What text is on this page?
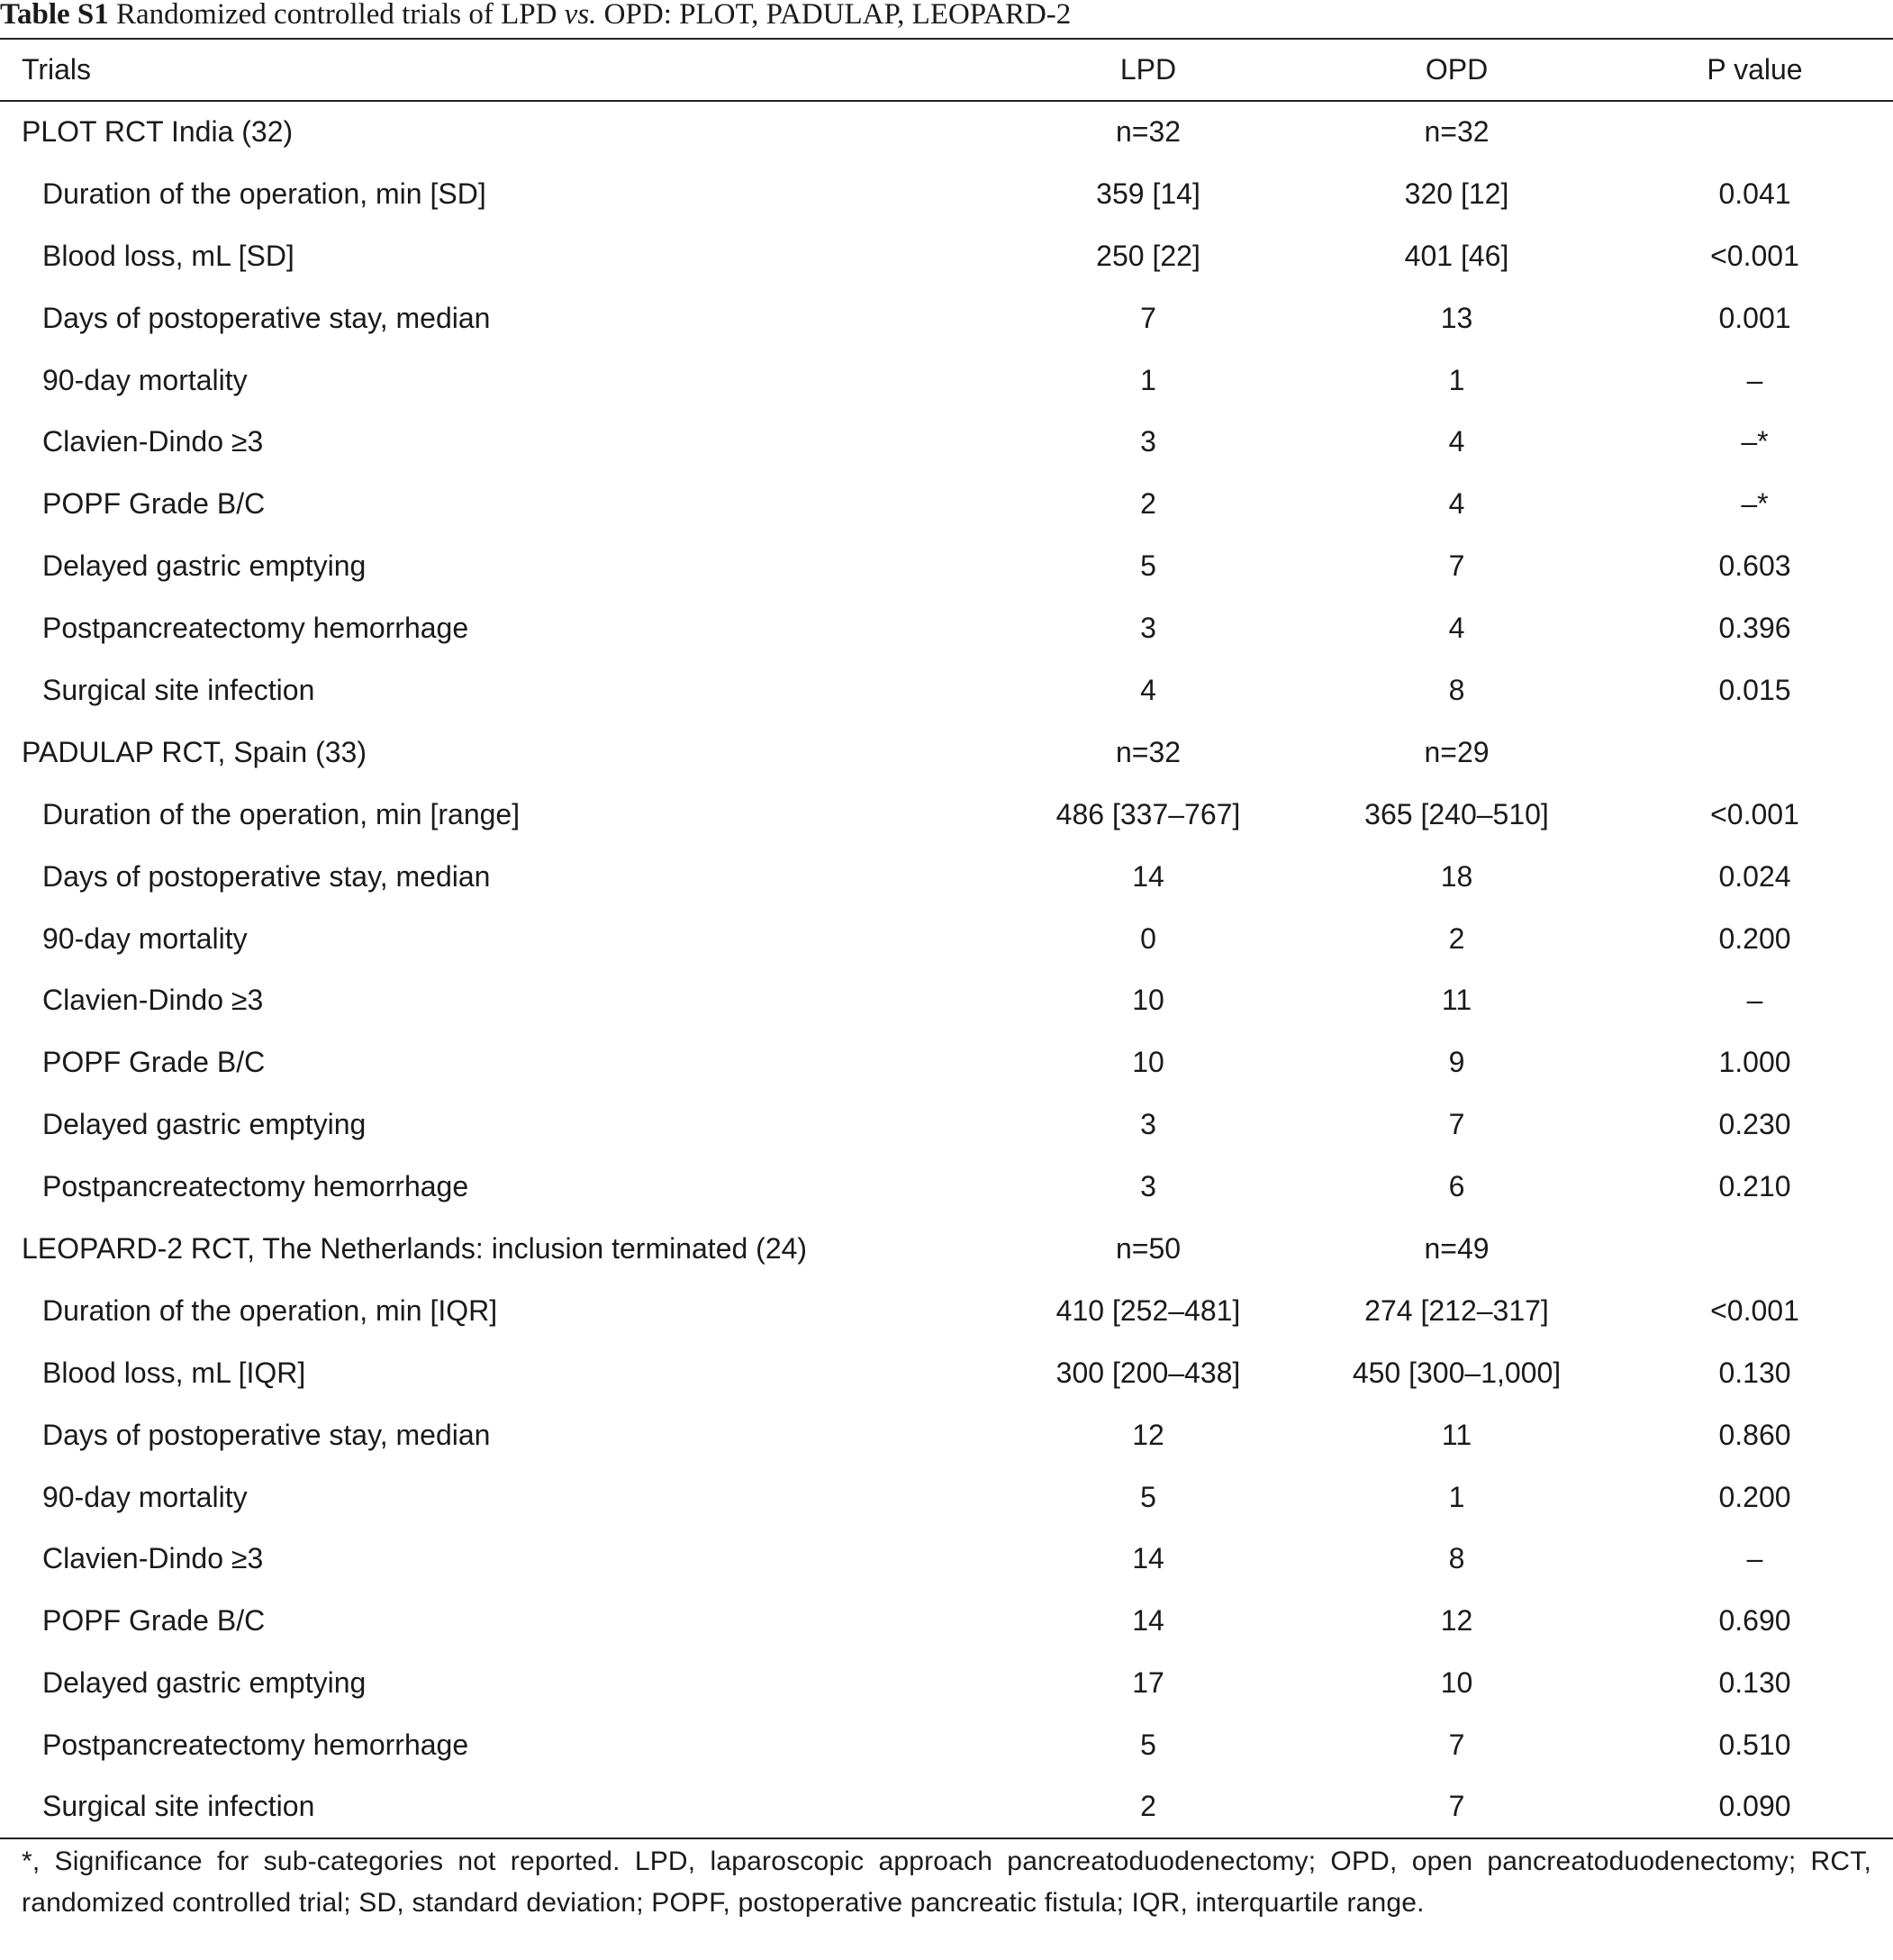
Table S1 Randomized controlled trials of LPD vs. OPD: PLOT, PADULAP, LEOPARD-2
Trials	LPD	OPD	P value
PLOT RCT India (32)	n=32	n=32	
Duration of the operation, min [SD]	359 [14]	320 [12]	0.041
Blood loss, mL [SD]	250 [22]	401 [46]	<0.001
Days of postoperative stay, median	7	13	0.001
90-day mortality	1	1	–
Clavien-Dindo ≥3	3	4	–*
POPF Grade B/C	2	4	–*
Delayed gastric emptying	5	7	0.603
Postpancreatectomy hemorrhage	3	4	0.396
Surgical site infection	4	8	0.015
PADULAP RCT, Spain (33)	n=32	n=29	
Duration of the operation, min [range]	486 [337–767]	365 [240–510]	<0.001
Days of postoperative stay, median	14	18	0.024
90-day mortality	0	2	0.200
Clavien-Dindo ≥3	10	11	–
POPF Grade B/C	10	9	1.000
Delayed gastric emptying	3	7	0.230
Postpancreatectomy hemorrhage	3	6	0.210
LEOPARD-2 RCT, The Netherlands: inclusion terminated (24)	n=50	n=49	
Duration of the operation, min [IQR]	410 [252–481]	274 [212–317]	<0.001
Blood loss, mL [IQR]	300 [200–438]	450 [300–1,000]	0.130
Days of postoperative stay, median	12	11	0.860
90-day mortality	5	1	0.200
Clavien-Dindo ≥3	14	8	–
POPF Grade B/C	14	12	0.690
Delayed gastric emptying	17	10	0.130
Postpancreatectomy hemorrhage	5	7	0.510
Surgical site infection	2	7	0.090
*, Significance for sub-categories not reported. LPD, laparoscopic approach pancreatoduodenectomy; OPD, open pancreatoduodenectomy; RCT, randomized controlled trial; SD, standard deviation; POPF, postoperative pancreatic fistula; IQR, interquartile range.
